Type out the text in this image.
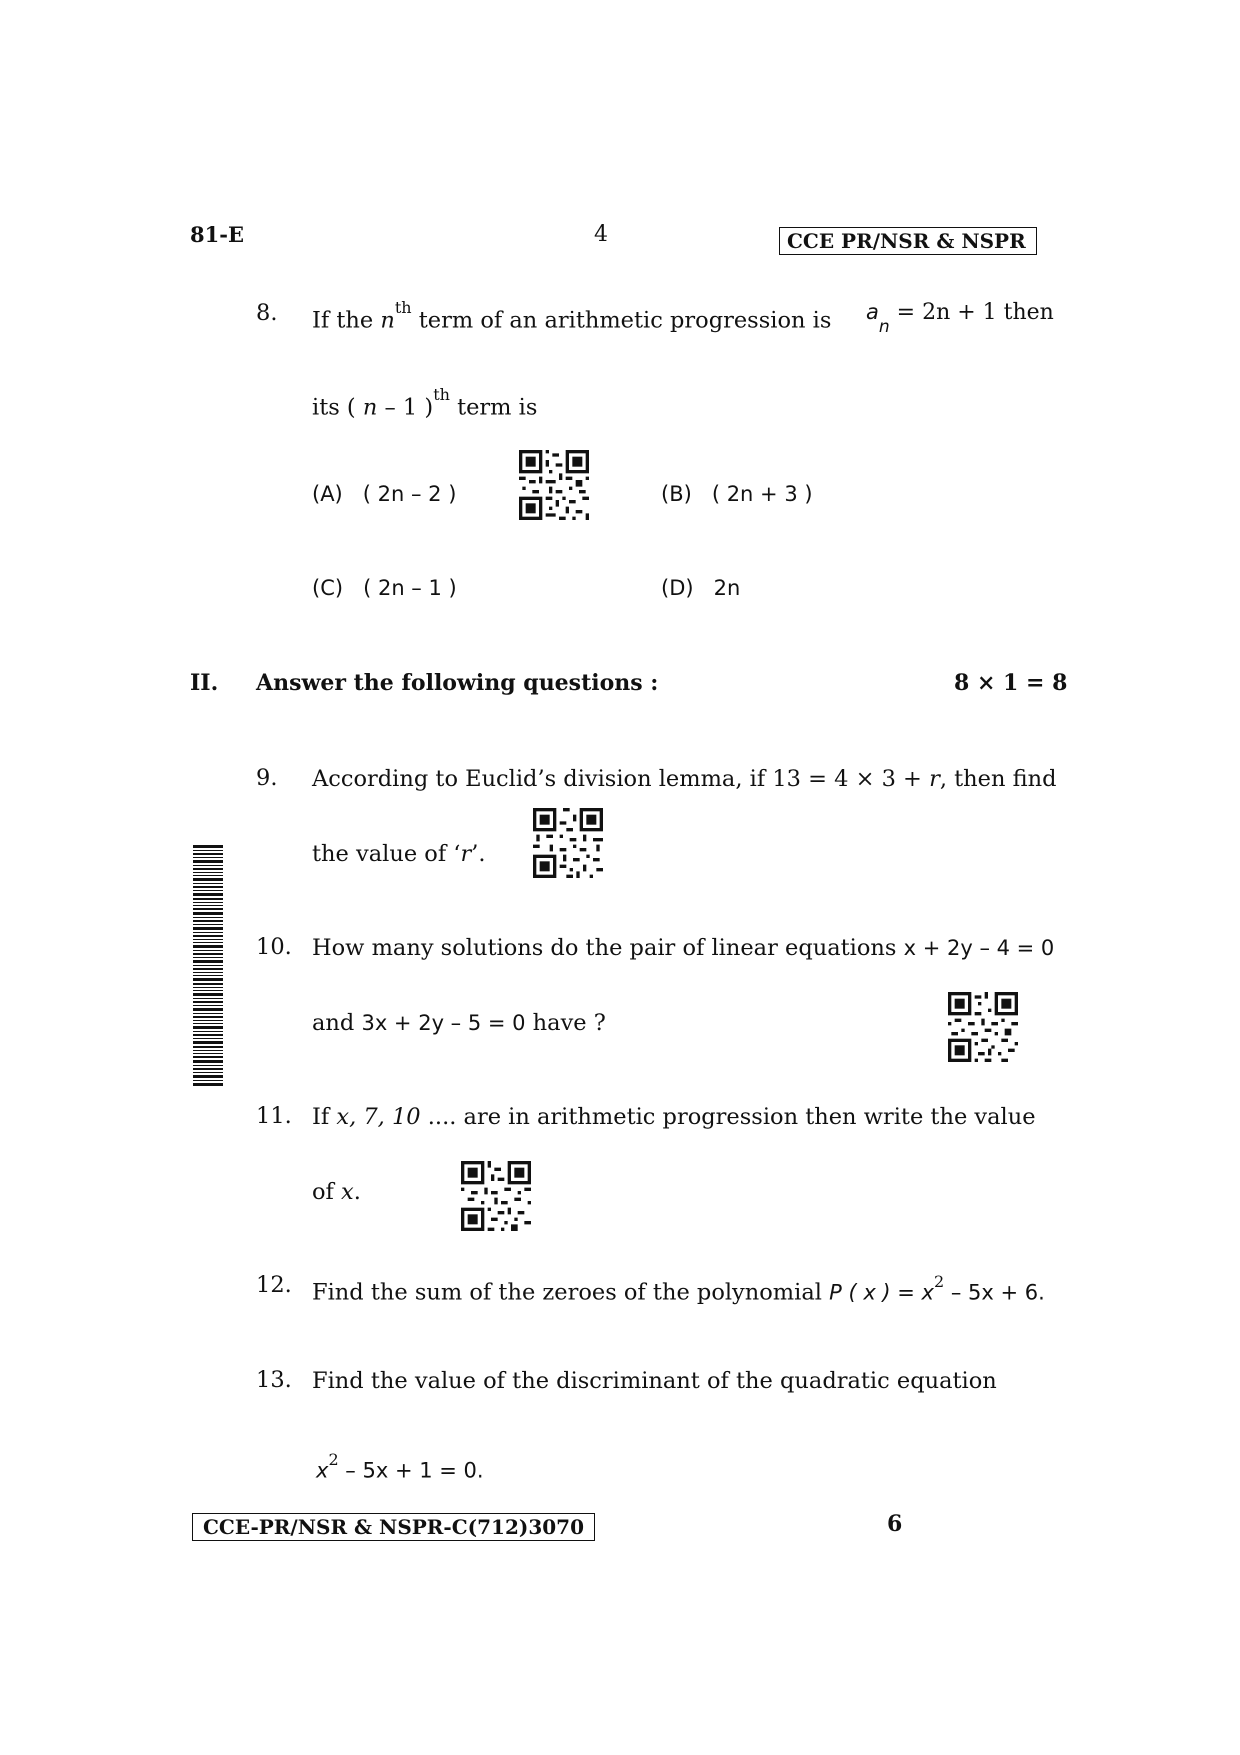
81-E	4	CCE PR/NSR & NSPR
8. If the $n^{th}$ term of an arithmetic progression is $a_n = 2n + 1$ then
its ( n – 1 )$^{th}$ term is
(A) ( 2n – 2 )	(B) ( 2n + 3 )
(C) ( 2n – 1 )	(D) 2n
II. Answer the following questions :	8 × 1 = 8
9. According to Euclid’s division lemma, if 13 = 4 × 3 + r, then find
the value of ‘r’.
10. How many solutions do the pair of linear equations x + 2y – 4 = 0
and 3x + 2y – 5 = 0 have ?
11. If x, 7, 10 .... are in arithmetic progression then write the value
of x.
12. Find the sum of the zeroes of the polynomial P ( x ) = $x^2 - 5x + 6$.
13. Find the value of the discriminant of the quadratic equation
$x^2 - 5x + 1 = 0$.
CCE-PR/NSR & NSPR-C(712)3070	6
